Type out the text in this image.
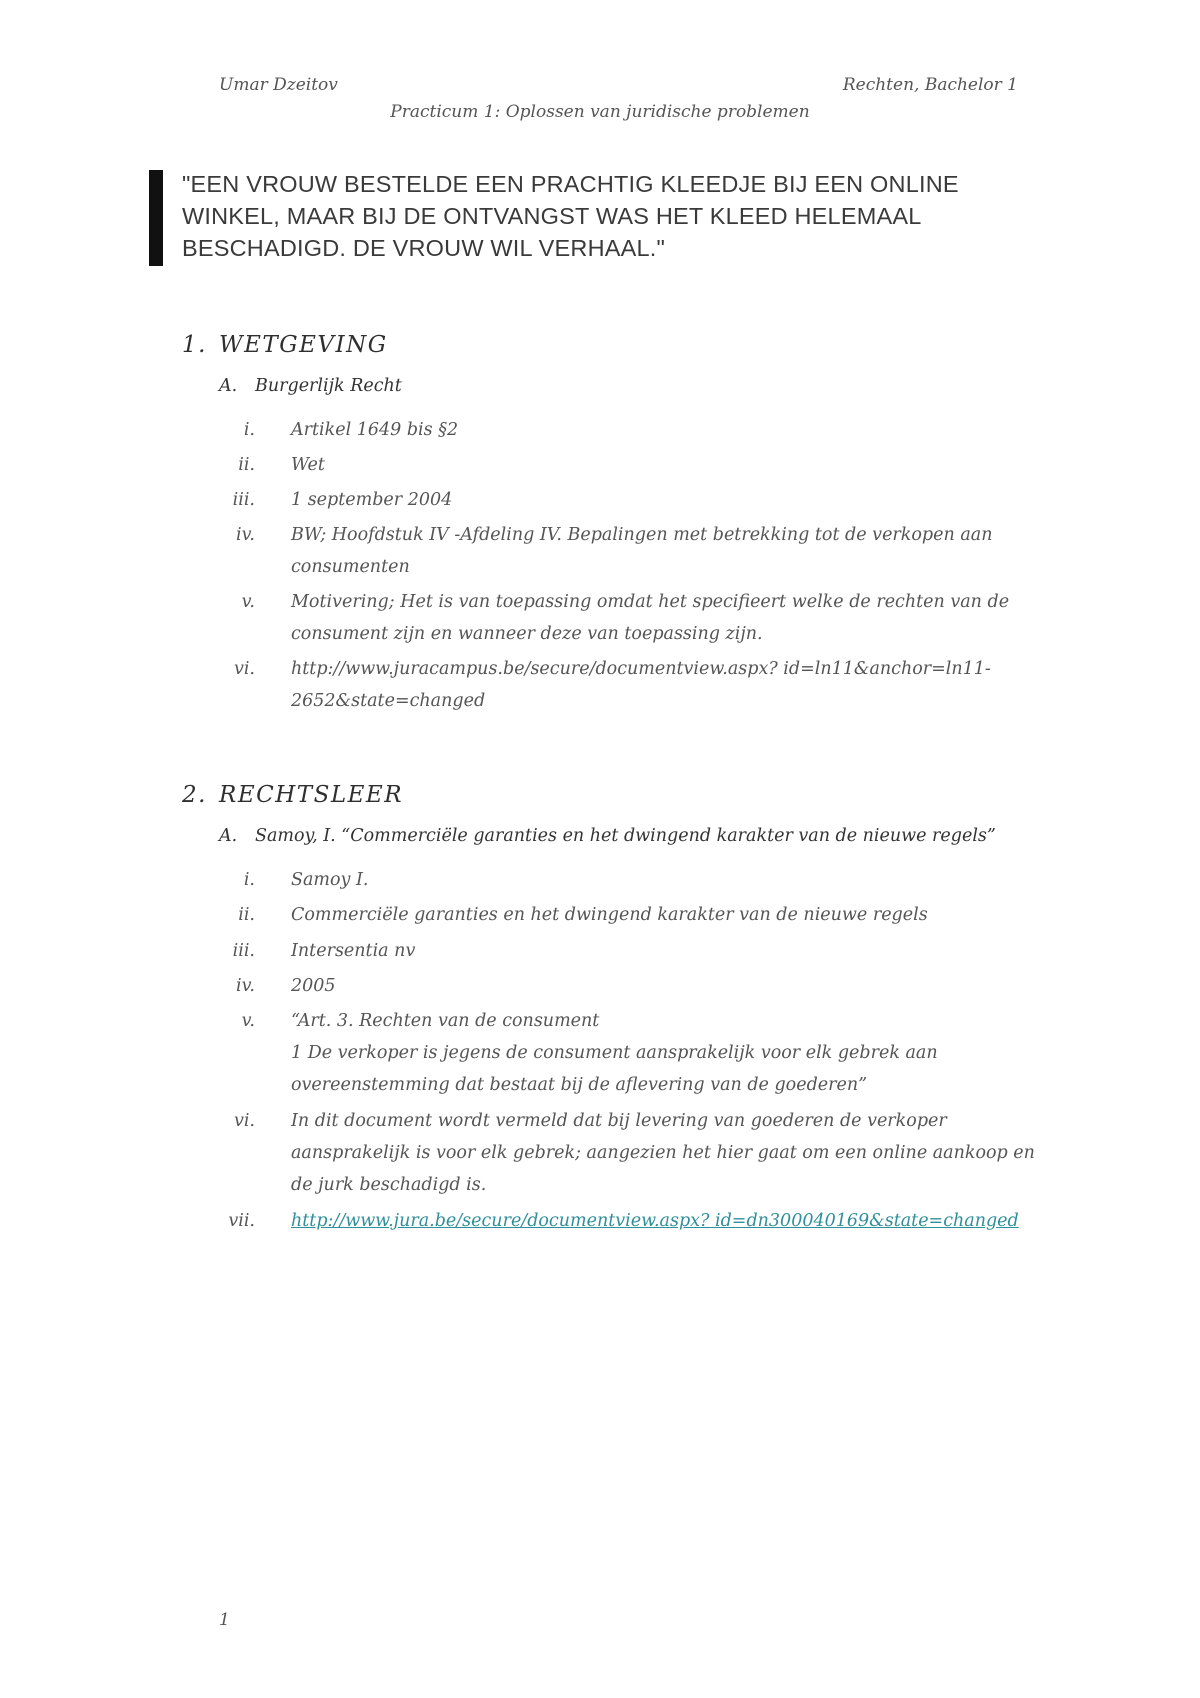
Umar Dzeitov	Rechten, Bachelor 1
Practicum 1: Oplossen van juridische problemen
"EEN VROUW BESTELDE EEN PRACHTIG KLEEDJE BIJ EEN ONLINE WINKEL, MAAR BIJ DE ONTVANGST WAS HET KLEED HELEMAAL BESCHADIGD. DE VROUW WIL VERHAAL."
1. WETGEVING
A. Burgerlijk Recht
i. Artikel 1649 bis §2
ii. Wet
iii. 1 september 2004
iv. BW; Hoofdstuk IV -Afdeling IV. Bepalingen met betrekking tot de verkopen aan consumenten
v. Motivering; Het is van toepassing omdat het specifieert welke de rechten van de consument zijn en wanneer deze van toepassing zijn.
vi. http://www.juracampus.be/secure/documentview.aspx? id=ln11&anchor=ln11-2652&state=changed
2. RECHTSLEER
A. Samoy, I. “Commerciële garanties en het dwingend karakter van de nieuwe regels”
i. Samoy I.
ii. Commerciële garanties en het dwingend karakter van de nieuwe regels
iii. Intersentia nv
iv. 2005
v. “Art. 3. Rechten van de consument
1 De verkoper is jegens de consument aansprakelijk voor elk gebrek aan overeenstemming dat bestaat bij de aflevering van de goederen”
vi. In dit document wordt vermeld dat bij levering van goederen de verkoper aansprakelijk is voor elk gebrek; aangezien het hier gaat om een online aankoop en de jurk beschadigd is.
vii. http://www.jura.be/secure/documentview.aspx? id=dn300040169&state=changed
1
